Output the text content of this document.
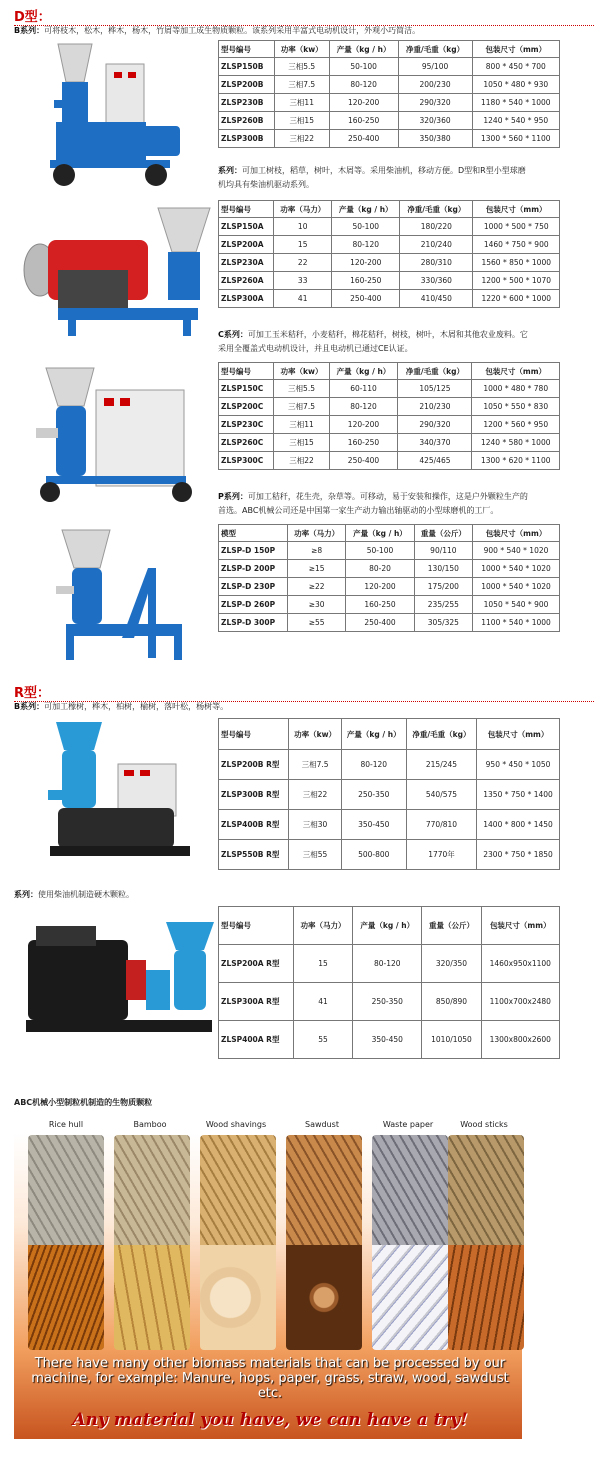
D型：
B系列：可将枝木，松木，桦木，杨木，竹屑等加工成生物质颗粒。该系列采用半富式电动机设计，外观小巧简洁。
型号编号	功率（kw）	产量（kg / h）	净重/毛重（kg）	包装尺寸（mm）
ZLSP150B	三相5.5	50-100	95/100	800 * 450 * 700
ZLSP200B	三相7.5	80-120	200/230	1050 * 480 * 930
ZLSP230B	三相11	120-200	290/320	1180 * 540 * 1000
ZLSP260B	三相15	160-250	320/360	1240 * 540 * 950
ZLSP300B	三相22	250-400	350/380	1300 * 560 * 1100
系列：可加工树枝，稻草，树叶，木屑等。采用柴油机，移动方便。D型和R型小型球磨
机均具有柴油机驱动系列。
型号编号	功率（马力）	产量（kg / h）	净重/毛重（kg）	包装尺寸（mm）
ZLSP150A	10	50-100	180/220	1000 * 500 * 750
ZLSP200A	15	80-120	210/240	1460 * 750 * 900
ZLSP230A	22	120-200	280/310	1560 * 850 * 1000
ZLSP260A	33	160-250	330/360	1200 * 500 * 1070
ZLSP300A	41	250-400	410/450	1220 * 600 * 1000
C系列：可加工玉米秸秆，小麦秸秆，棉花秸秆，树枝，树叶，木屑和其他农业废料。它
采用全覆盖式电动机设计，并且电动机已通过CE认证。
型号编号	功率（kw）	产量（kg / h）	净重/毛重（kg）	包装尺寸（mm）
ZLSP150C	三相5.5	60-110	105/125	1000 * 480 * 780
ZLSP200C	三相7.5	80-120	210/230	1050 * 550 * 830
ZLSP230C	三相11	120-200	290/320	1200 * 560 * 950
ZLSP260C	三相15	160-250	340/370	1240 * 580 * 1000
ZLSP300C	三相22	250-400	425/465	1300 * 620 * 1100
P系列：可加工秸秆，花生壳，杂草等。可移动，易于安装和操作，这是户外颗粒生产的
首选。ABC机械公司还是中国第一家生产动力输出轴驱动的小型球磨机的工厂。
模型	功率（马力）	产量（kg / h）	重量（公斤）	包装尺寸（mm）
ZLSP-D 150P	≥8	50-100	90/110	900 * 540 * 1020
ZLSP-D 200P	≥15	80-20	130/150	1000 * 540 * 1020
ZLSP-D 230P	≥22	120-200	175/200	1000 * 540 * 1020
ZLSP-D 260P	≥30	160-250	235/255	1050 * 540 * 900
ZLSP-D 300P	≥55	250-400	305/325	1100 * 540 * 1000
R型：
B系列：可加工橡树，桦木，柏树，榆树，落叶松，杨树等。
型号编号	功率（kw）	产量（kg / h）	净重/毛重（kg）	包装尺寸（mm）
ZLSP200B R型	三相7.5	80-120	215/245	950 * 450 * 1050
ZLSP300B R型	三相22	250-350	540/575	1350 * 750 * 1400
ZLSP400B R型	三相30	350-450	770/810	1400 * 800 * 1450
ZLSP550B R型	三相55	500-800	1770年	2300 * 750 * 1850
系列：使用柴油机制造硬木颗粒。
型号编号	功率（马力）	产量（kg / h）	重量（公斤）	包装尺寸（mm）
ZLSP200A R型	15	80-120	320/350	1460x950x1100
ZLSP300A R型	41	250-350	850/890	1100x700x2480
ZLSP400A R型	55	350-450	1010/1050	1300x800x2600
ABC机械小型制粒机制造的生物质颗粒
Rice hull	Bamboo	Wood shavings	Sawdust	Waste paper	Wood sticks
There have many other biomass materials that can be processed by our machine, for example: Manure, hops, paper, grass, straw, wood, sawdust etc.
Any material you have, we can have a try!
